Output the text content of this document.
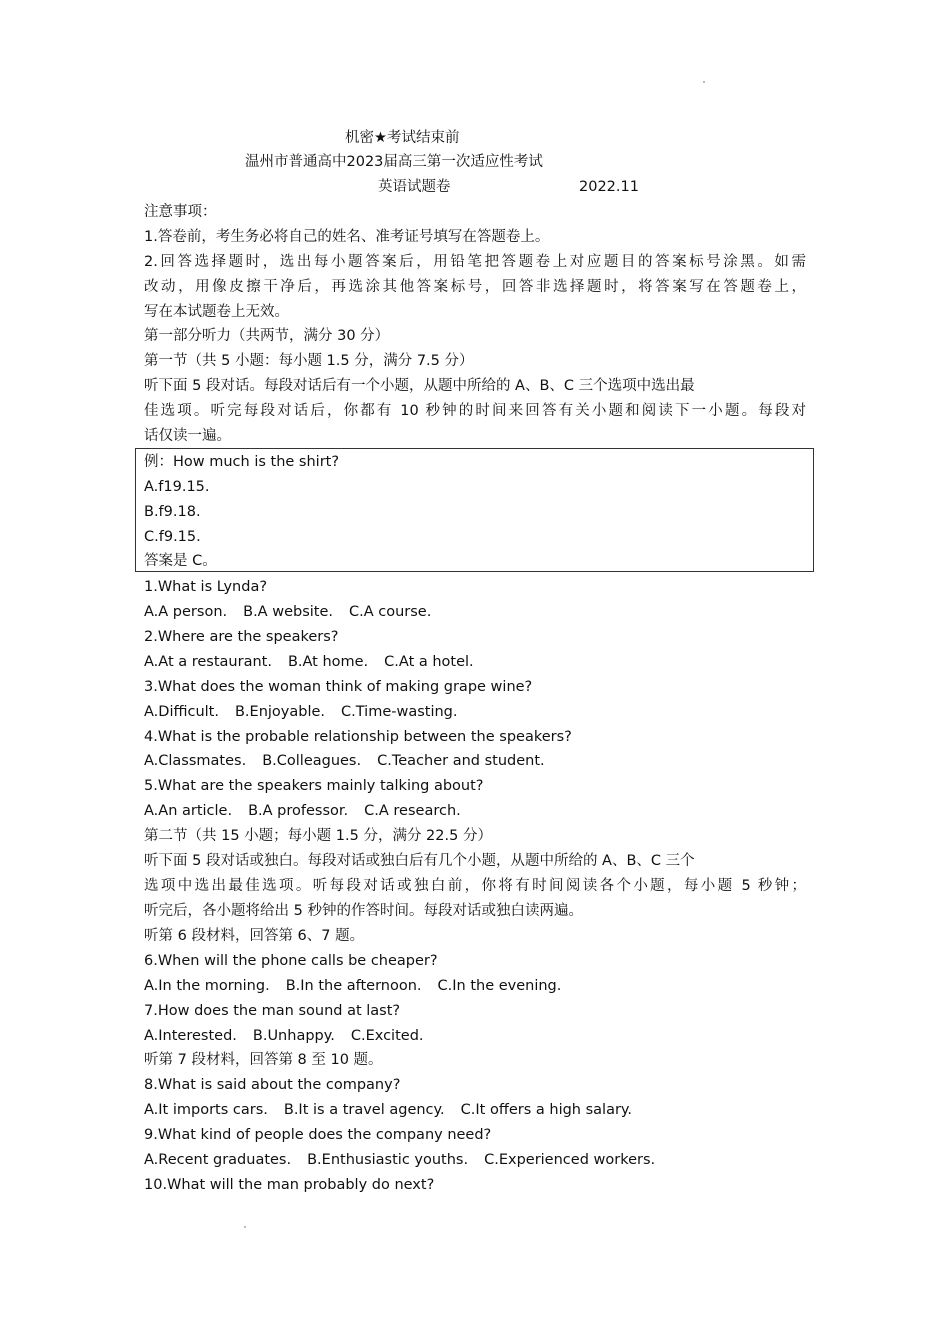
机密★考试结束前
温州市普通高中2023届高三第一次适应性考试
英语试题卷	2022.11
注意事项：
1.答卷前，考生务必将自己的姓名、准考证号填写在答题卷上。
2.回答选择题时，选出每小题答案后，用铅笔把答题卷上对应题目的答案标号涂黑。如需
改动，用像皮擦干净后，再选涂其他答案标号，回答非选择题时，将答案写在答题卷上，
写在本试题卷上无效。
第一部分听力（共两节，满分 30 分）
第一节（共 5 小题：每小题 1.5 分，满分 7.5 分）
听下面 5 段对话。每段对话后有一个小题，从题中所给的 A、B、C 三个选项中选出最
佳选项。听完每段对话后，你都有 10 秒钟的时间来回答有关小题和阅读下一小题。每段对
话仅读一遍。
例：How much is the shirt?
A.f19.15.
B.f9.18.
C.f9.15.
答案是 C。
1.What is Lynda?
A.A person. B.A website. C.A course.
2.Where are the speakers?
A.At a restaurant. B.At home. C.At a hotel.
3.What does the woman think of making grape wine?
A.Difficult. B.Enjoyable. C.Time-wasting.
4.What is the probable relationship between the speakers?
A.Classmates. B.Colleagues. C.Teacher and student.
5.What are the speakers mainly talking about?
A.An article. B.A professor. C.A research.
第二节（共 15 小题；每小题 1.5 分，满分 22.5 分）
听下面 5 段对话或独白。每段对话或独白后有几个小题，从题中所给的 A、B、C 三个
选项中选出最佳选项。听每段对话或独白前，你将有时间阅读各个小题，每小题 5 秒钟；
听完后，各小题将给出 5 秒钟的作答时间。每段对话或独白读两遍。
听第 6 段材料，回答第 6、7 题。
6.When will the phone calls be cheaper?
A.In the morning. B.In the afternoon. C.In the evening.
7.How does the man sound at last?
A.Interested. B.Unhappy. C.Excited.
听第 7 段材料，回答第 8 至 10 题。
8.What is said about the company?
A.It imports cars. B.It is a travel agency. C.It offers a high salary.
9.What kind of people does the company need?
A.Recent graduates. B.Enthusiastic youths. C.Experienced workers.
10.What will the man probably do next?
